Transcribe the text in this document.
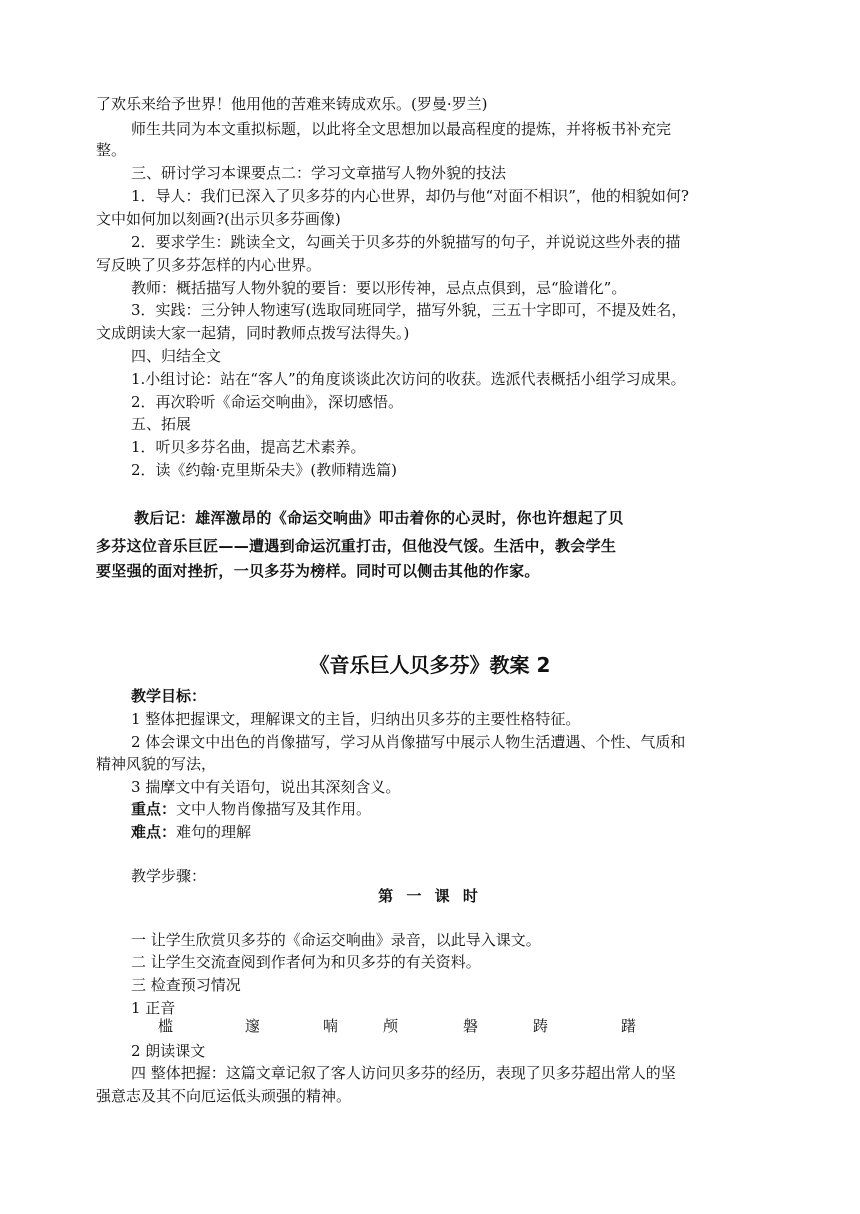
了欢乐来给予世界！他用他的苦难来铸成欢乐。(罗曼·罗兰)
师生共同为本文重拟标题，以此将全文思想加以最高程度的提炼，并将板书补充完
整。
三、研讨学习本课要点二：学习文章描写人物外貌的技法
1．导人：我们已深入了贝多芬的内心世界，却仍与他“对面不相识”，他的相貌如何?
文中如何加以刻画?(出示贝多芬画像)
2．要求学生：跳读全文，勾画关于贝多芬的外貌描写的句子，并说说这些外表的描
写反映了贝多芬怎样的内心世界。
教师：概括描写人物外貌的要旨：要以形传神，忌点点俱到，忌“脸谱化”。
3．实践：三分钟人物速写(选取同班同学，描写外貌，三五十字即可，不提及姓名，
文成朗读大家一起猜，同时教师点拨写法得失。)
四、归结全文
1.小组讨论：站在“客人”的角度谈谈此次访问的收获。选派代表概括小组学习成果。
2．再次聆听《命运交响曲》，深切感悟。
五、拓展
1．听贝多芬名曲，提高艺术素养。
2．读《约翰·克里斯朵夫》(教师精选篇)
教后记：雄浑激昂的《命运交响曲》叩击着你的心灵时，你也许想起了贝
多芬这位音乐巨匠——遭遇到命运沉重打击，但他没气馁。生活中，教会学生
要坚强的面对挫折，一贝多芬为榜样。同时可以侧击其他的作家。
《音乐巨人贝多芬》教案 2
教学目标：
1 整体把握课文，理解课文的主旨，归纳出贝多芬的主要性格特征。
2 体会课文中出色的肖像描写，学习从肖像描写中展示人物生活遭遇、个性、气质和
精神风貌的写法，
3 揣摩文中有关语句，说出其深刻含义。
重点：文中人物肖像描写及其作用。
难点：难句的理解
教学步骤：
第 一 课 时
一 让学生欣赏贝多芬的《命运交响曲》录音，以此导入课文。
二 让学生交流查阅到作者何为和贝多芬的有关资料。
三 检查预习情况
1 正音
槛	邃	喃	颅	磐	踌	躇
2 朗读课文
四 整体把握：这篇文章记叙了客人访问贝多芬的经历，表现了贝多芬超出常人的坚
强意志及其不向厄运低头顽强的精神。
